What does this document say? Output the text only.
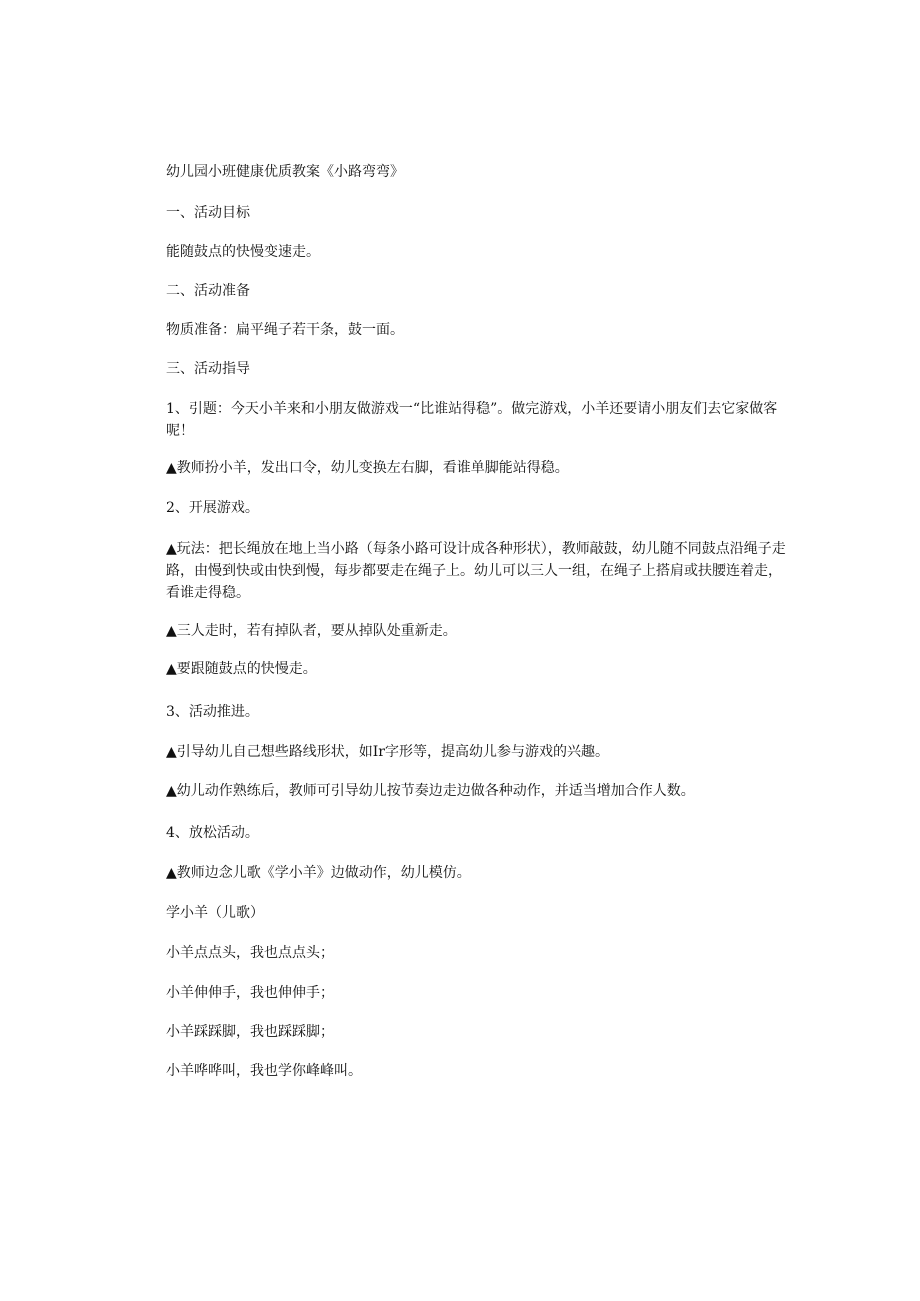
幼儿园小班健康优质教案《小路弯弯》
一、活动目标
能随鼓点的快慢变速走。
二、活动准备
物质准备：扁平绳子若干条，鼓一面。
三、活动指导
1、引题：今天小羊来和小朋友做游戏一“比谁站得稳”。做完游戏，小羊还要请小朋友们去它家做客呢！
▲教师扮小羊，发出口令，幼儿变换左右脚，看谁单脚能站得稳。
2、开展游戏。
▲玩法：把长绳放在地上当小路（每条小路可设计成各种形状），教师敲鼓，幼儿随不同鼓点沿绳子走路，由慢到快或由快到慢，每步都要走在绳子上。幼儿可以三人一组，在绳子上搭肩或扶腰连着走，看谁走得稳。
▲三人走时，若有掉队者，要从掉队处重新走。
▲要跟随鼓点的快慢走。
3、活动推进。
▲引导幼儿自己想些路线形状，如Ir字形等，提高幼儿参与游戏的兴趣。
▲幼儿动作熟练后，教师可引导幼儿按节奏边走边做各种动作，并适当增加合作人数。
4、放松活动。
▲教师边念儿歌《学小羊》边做动作，幼儿模仿。
学小羊（儿歌）
小羊点点头，我也点点头；
小羊伸伸手，我也伸伸手；
小羊踩踩脚，我也踩踩脚；
小羊哗哗叫，我也学你峰峰叫。
